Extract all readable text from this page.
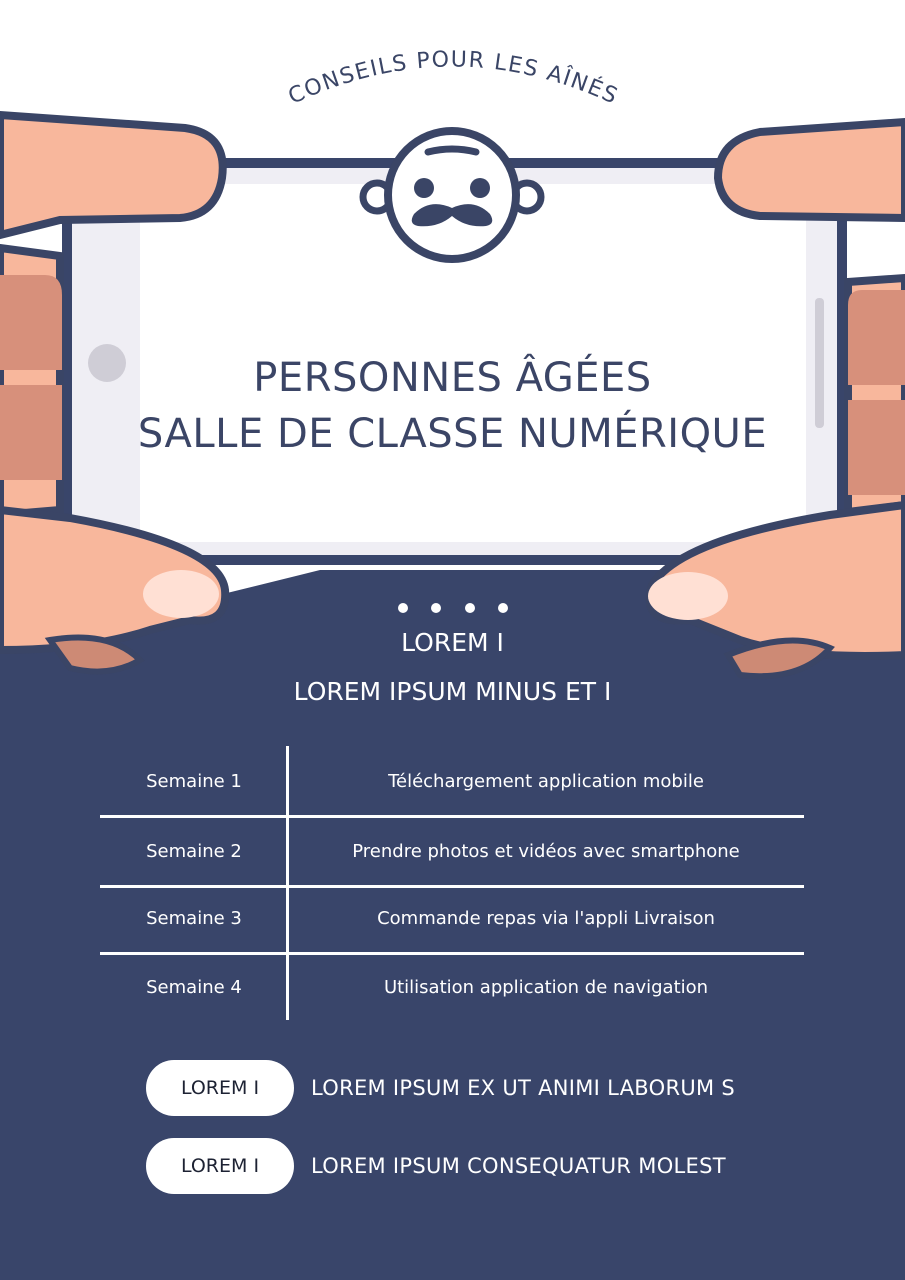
CONSEILS POUR LES AÎNÉS
PERSONNES ÂGÉES
SALLE DE CLASSE NUMÉRIQUE
LOREM I
LOREM IPSUM MINUS ET I
Semaine 1	Téléchargement application mobile
Semaine 2	Prendre photos et vidéos avec smartphone
Semaine 3	Commande repas via l'appli Livraison
Semaine 4	Utilisation application de navigation
LOREM I	LOREM IPSUM EX UT ANIMI LABORUM S
LOREM I	LOREM IPSUM CONSEQUATUR MOLEST
